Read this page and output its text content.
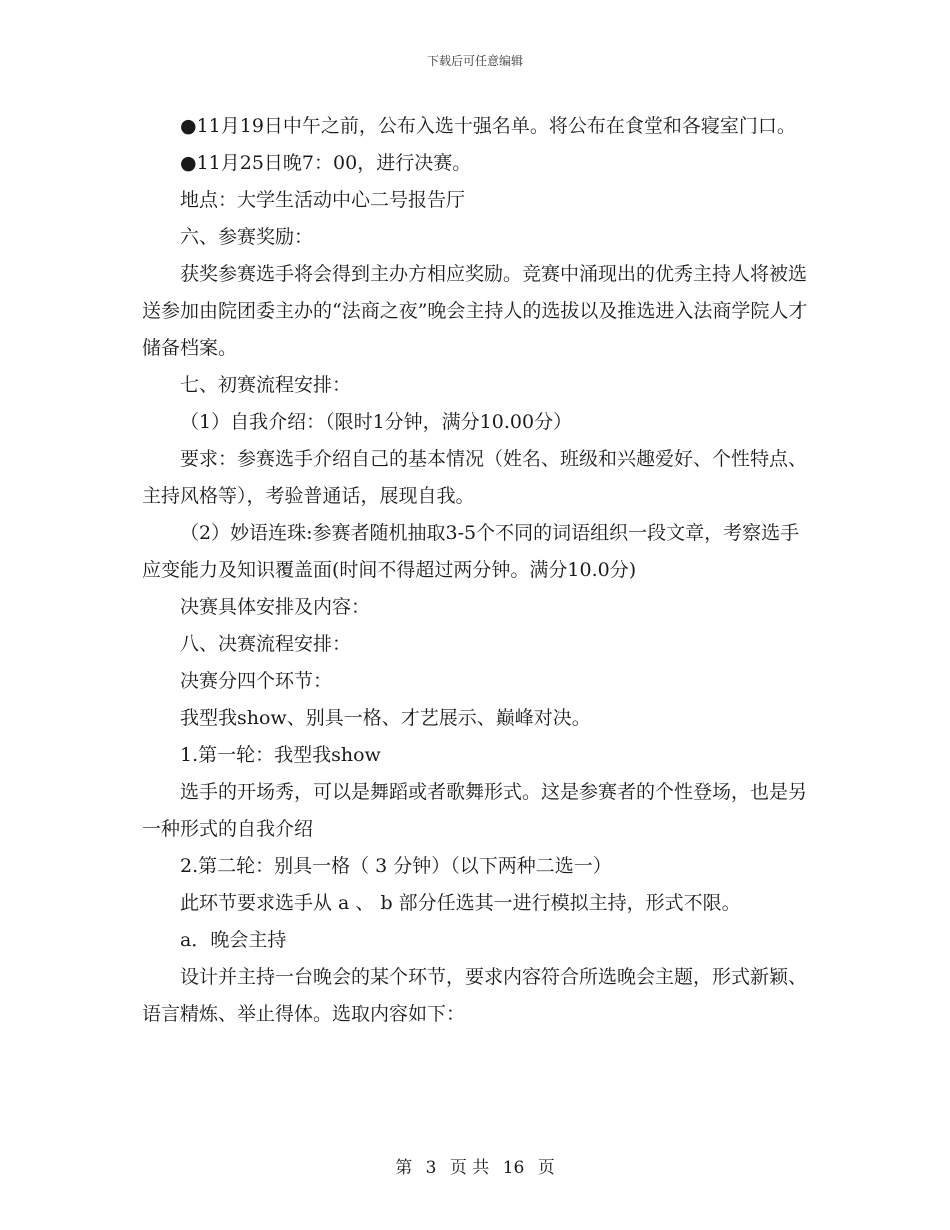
下载后可任意编辑

●11月19日中午之前，公布入选十强名单。将公布在食堂和各寝室门口。

●11月25日晚7：00，进行决赛。

地点：大学生活动中心二号报告厅

六、参赛奖励：

获奖参赛选手将会得到主办方相应奖励。竞赛中涌现出的优秀主持人将被选送参加由院团委主办的“法商之夜”晚会主持人的选拔以及推选进入法商学院人才储备档案。

七、初赛流程安排：

（1）自我介绍：（限时1分钟，满分10.00分）

要求：参赛选手介绍自己的基本情况（姓名、班级和兴趣爱好、个性特点、主持风格等），考验普通话，展现自我。

（2）妙语连珠:参赛者随机抽取3-5个不同的词语组织一段文章，考察选手应变能力及知识覆盖面(时间不得超过两分钟。满分10.0分)

决赛具体安排及内容：

八、决赛流程安排：

决赛分四个环节：

我型我show、别具一格、才艺展示、巅峰对决。

1.第一轮：我型我show

选手的开场秀，可以是舞蹈或者歌舞形式。这是参赛者的个性登场，也是另一种形式的自我介绍

2.第二轮：别具一格（ 3 分钟）（以下两种二选一）

此环节要求选手从 a 、 b 部分任选其一进行模拟主持，形式不限。

a．晚会主持

设计并主持一台晚会的某个环节，要求内容符合所选晚会主题，形式新颖、语言精炼、举止得体。选取内容如下：

第 3 页 共 16 页
